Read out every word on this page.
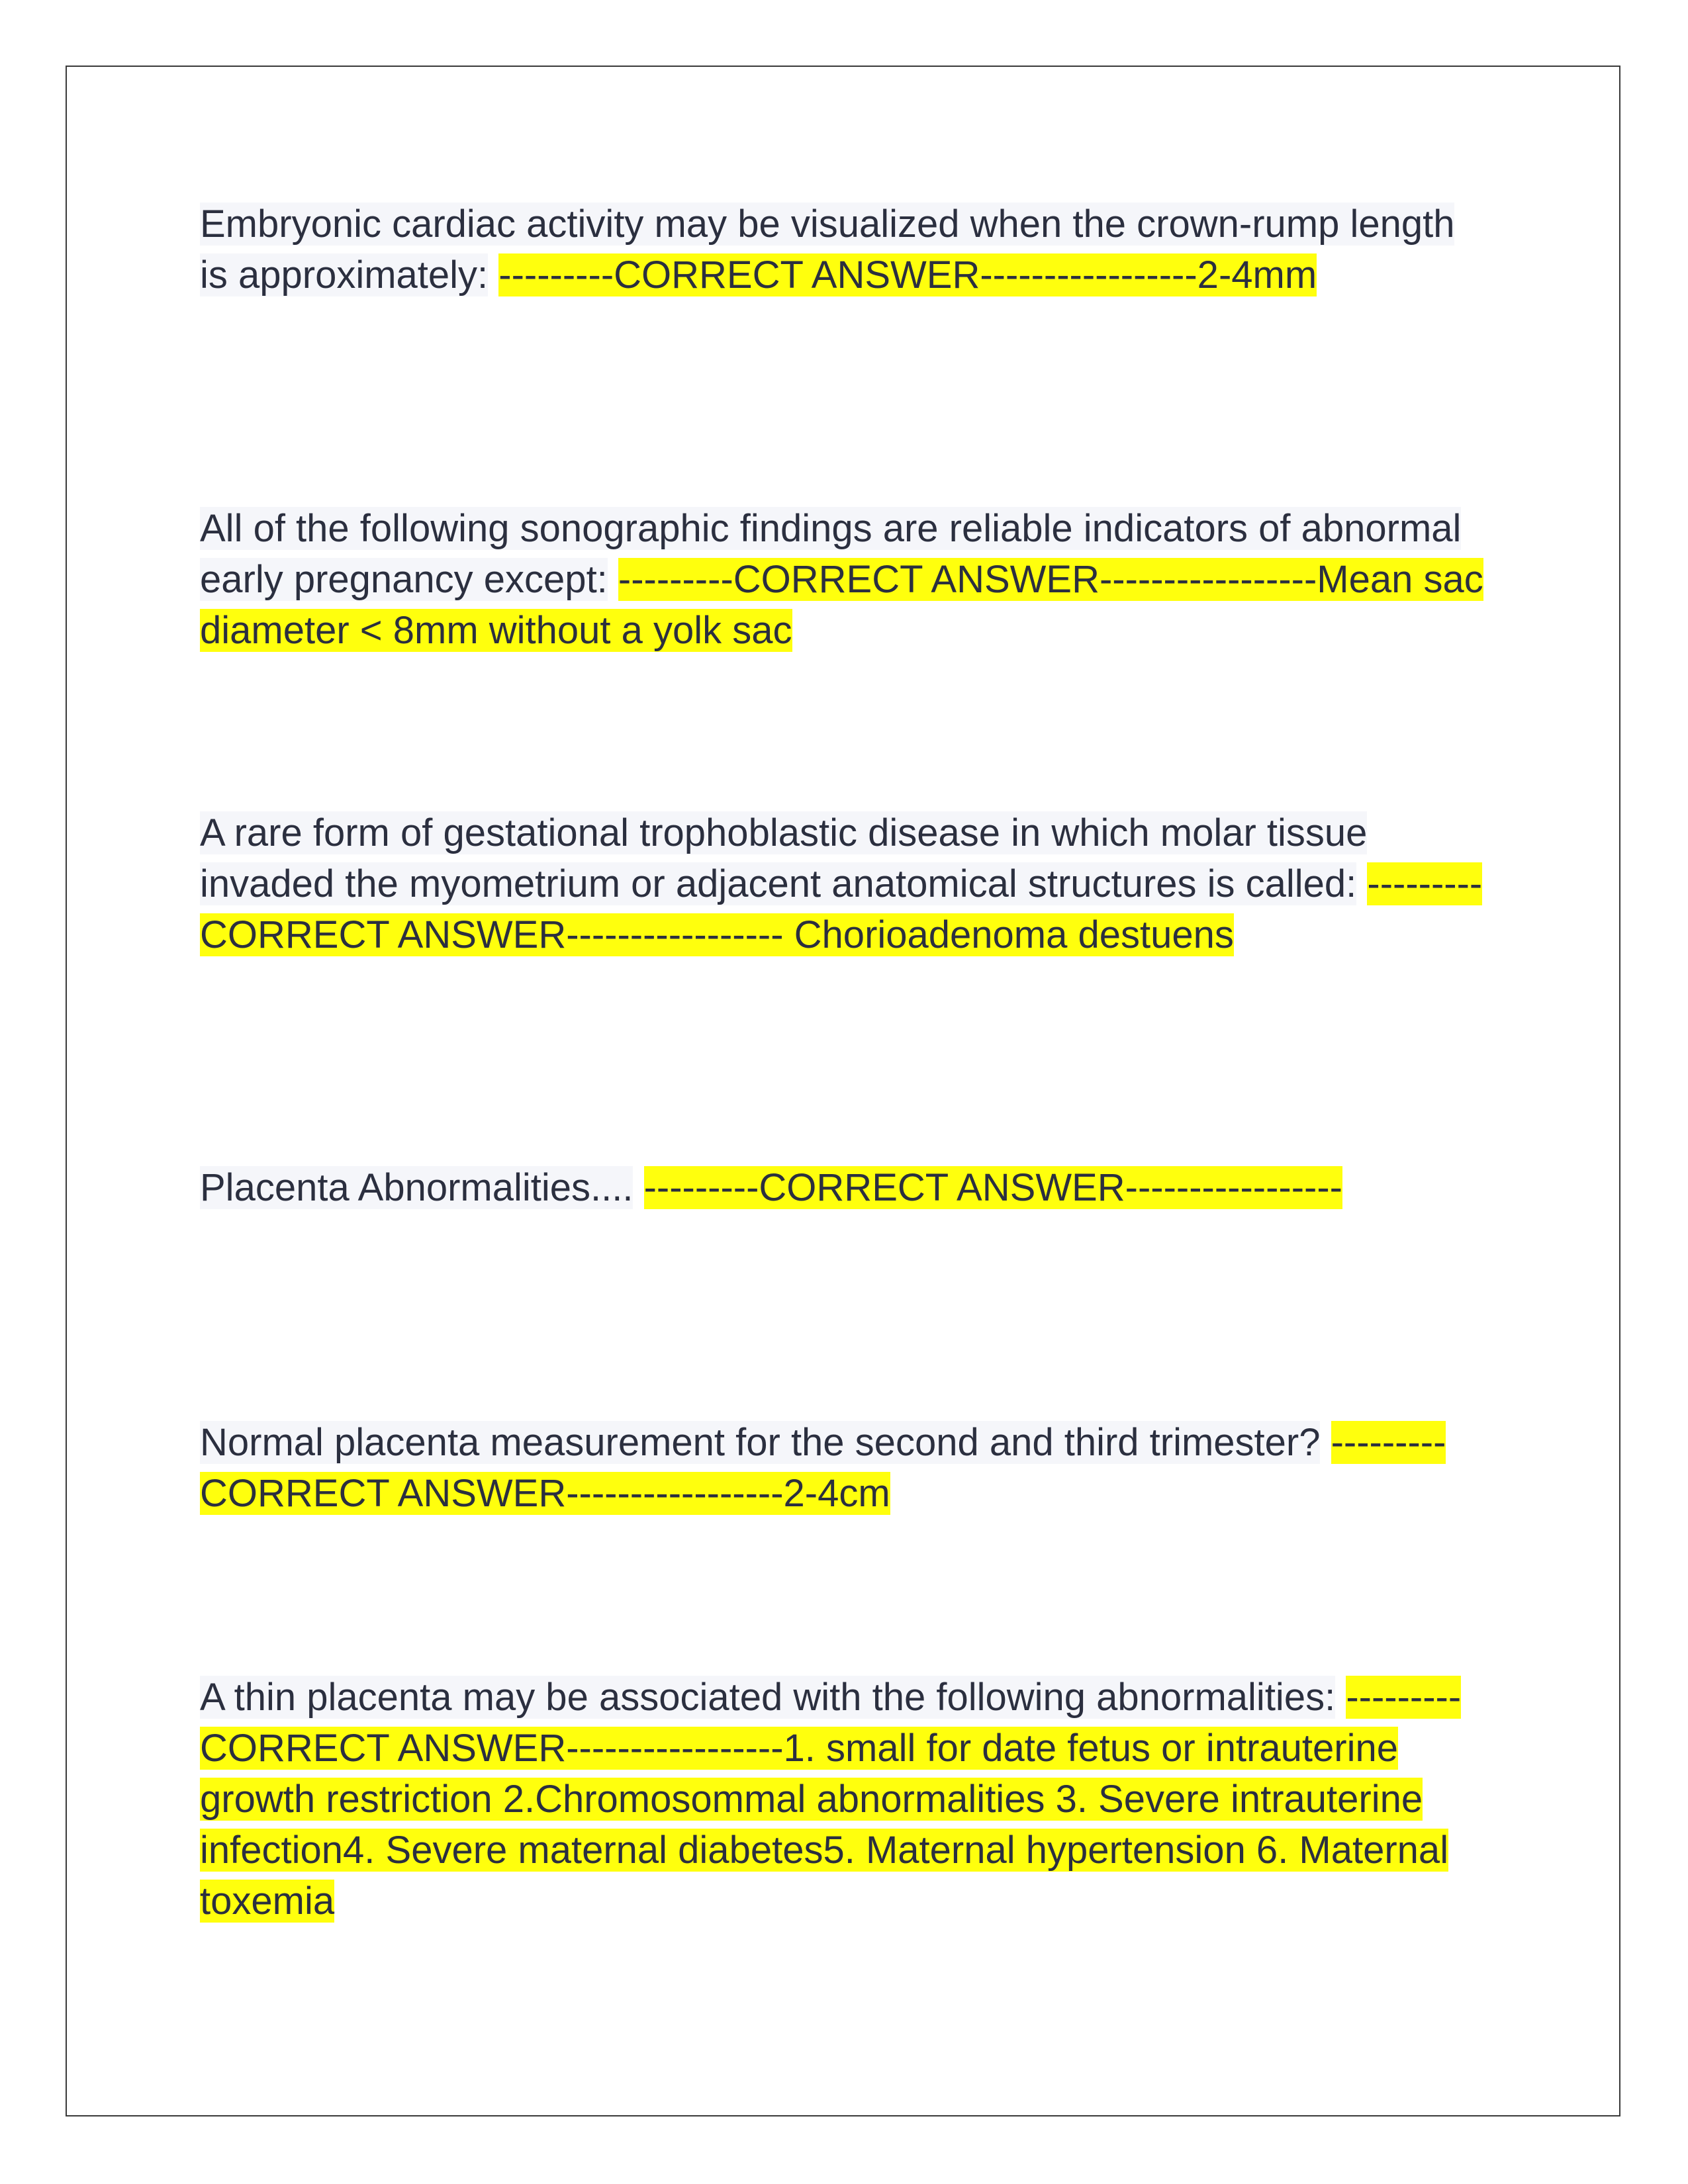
Embryonic cardiac activity may be visualized when the crown-rump length is approximately: ---------CORRECT ANSWER-----------------2-4mm

All of the following sonographic findings are reliable indicators of abnormal early pregnancy except: ---------CORRECT ANSWER-----------------Mean sac diameter < 8mm without a yolk sac

A rare form of gestational trophoblastic disease in which molar tissue invaded the myometrium or adjacent anatomical structures is called: ---------CORRECT ANSWER----------------- Chorioadenoma destuens

Placenta Abnormalities.... ---------CORRECT ANSWER-----------------

Normal placenta measurement for the second and third trimester? ---------CORRECT ANSWER-----------------2-4cm

A thin placenta may be associated with the following abnormalities: ---------CORRECT ANSWER-----------------1. small for date fetus or intrauterine growth restriction 2.Chromosommal abnormalities 3. Severe intrauterine infection4. Severe maternal diabetes5. Maternal hypertension 6. Maternal toxemia
